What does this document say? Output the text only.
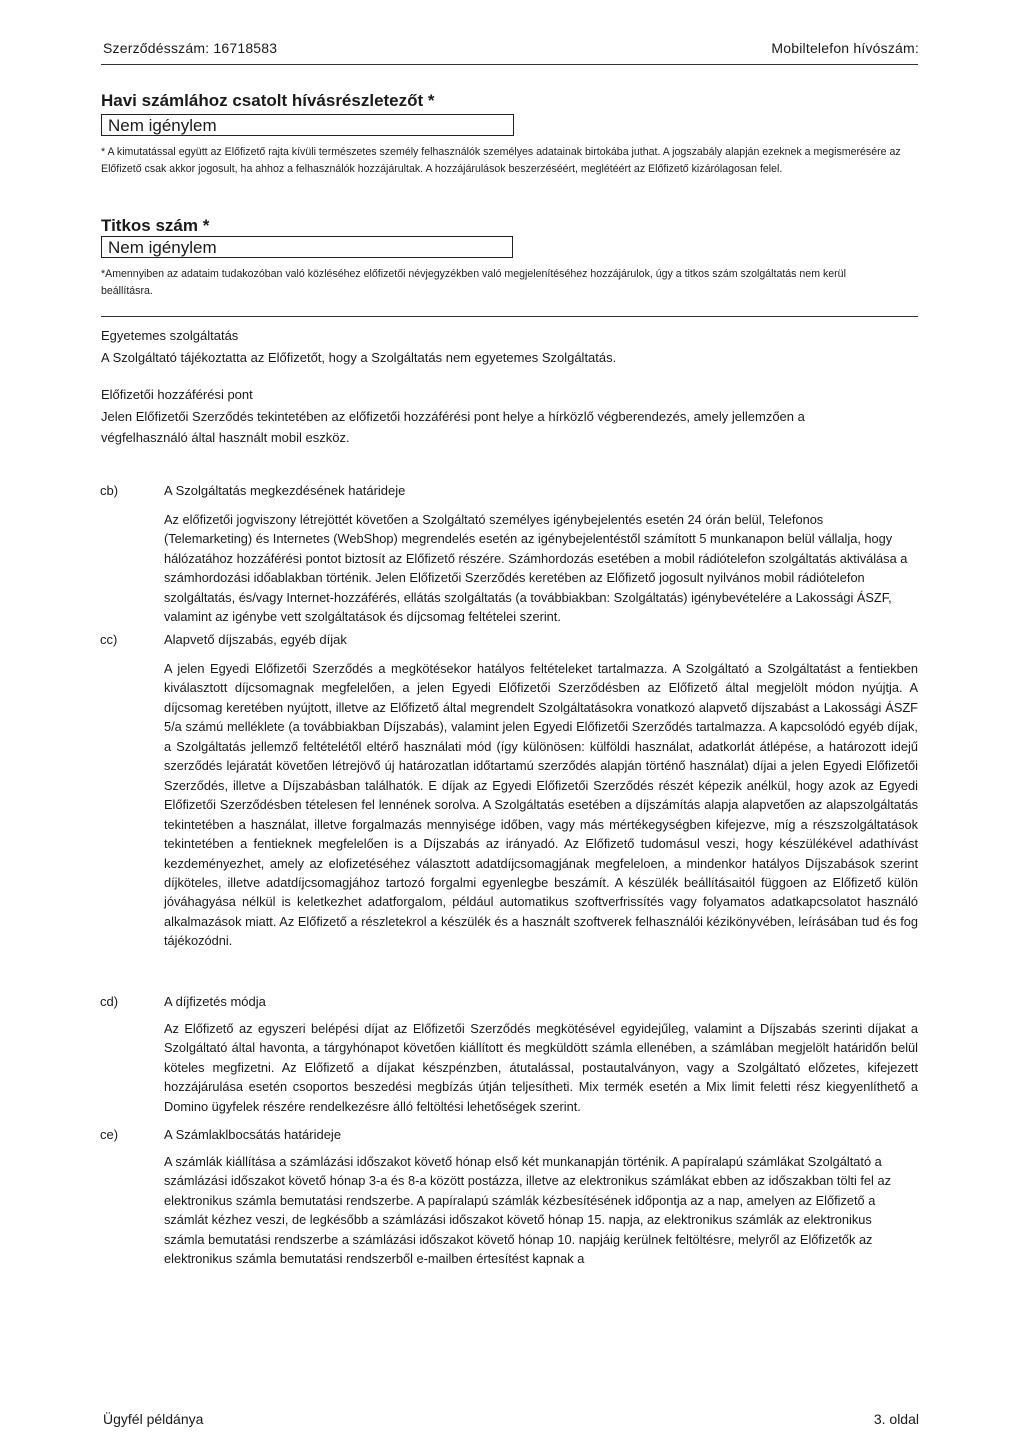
Szerződésszám: 16718583	Mobiltelefon hívószám:
Havi számlához csatolt hívásrészletezőt *
Nem igénylem
* A kimutatással együtt az Előfizető rajta kívüli természetes személy felhasználók személyes adatainak birtokába juthat. A jogszabály alapján ezeknek a megismerésére az Előfizető csak akkor jogosult, ha ahhoz a felhasználók hozzájárultak. A hozzájárulások beszerzéséért, meglétéért az Előfizető kizárólagosan felel.
Titkos szám *
Nem igénylem
*Amennyiben az adataim tudakozóban való közléséhez előfizetői névjegyzékben való megjelenítéséhez hozzájárulok, úgy a titkos szám szolgáltatás nem kerül beállításra.
Egyetemes szolgáltatás
A Szolgáltató tájékoztatta az Előfizetőt, hogy a Szolgáltatás nem egyetemes Szolgáltatás.
Előfizetői hozzáférési pont
Jelen Előfizetői Szerződés tekintetében az előfizetői hozzáférési pont helye a hírközlő végberendezés, amely jellemzően a végfelhasználó által használt mobil eszköz.
cb)	A Szolgáltatás megkezdésének határideje
Az előfizetői jogviszony létrejöttét követően a Szolgáltató személyes igénybejelentés esetén 24 órán belül, Telefonos (Telemarketing) és Internetes (WebShop) megrendelés esetén az igénybejelentéstől számított 5 munkanapon belül vállalja, hogy hálózatához hozzáférési pontot biztosít az Előfizető részére. Számhordozás esetében a mobil rádiótelefon szolgáltatás aktiválása a számhordozási időablakban történik. Jelen Előfizetői Szerződés keretében az Előfizető jogosult nyilvános mobil rádiótelefon szolgáltatás, és/vagy Internet-hozzáférés, ellátás szolgáltatás (a továbbiakban: Szolgáltatás) igénybevételére a Lakossági ÁSZF, valamint az igénybe vett szolgáltatások és díjcsomag feltételei szerint.
cc)	Alapvető díjszabás, egyéb díjak
A jelen Egyedi Előfizetői Szerződés a megkötésekor hatályos feltételeket tartalmazza. A Szolgáltató a Szolgáltatást a fentiekben kiválasztott díjcsomagnak megfelelően, a jelen Egyedi Előfizetői Szerződésben az Előfizető által megjelölt módon nyújtja. A díjcsomag keretében nyújtott, illetve az Előfizető által megrendelt Szolgáltatásokra vonatkozó alapvető díjszabást a Lakossági ÁSZF 5/a számú melléklete (a továbbiakban Díjszabás), valamint jelen Egyedi Előfizetői Szerződés tartalmazza. A kapcsolódó egyéb díjak, a Szolgáltatás jellemző feltételétől eltérő használati mód (így különösen: külföldi használat, adatkorlát átlépése, a határozott idejű szerződés lejáratát követően létrejövő új határozatlan időtartamú szerződés alapján történő használat) díjai a jelen Egyedi Előfizetői Szerződés, illetve a Díjszabásban találhatók. E díjak az Egyedi Előfizetői Szerződés részét képezik anélkül, hogy azok az Egyedi Előfizetői Szerződésben tételesen fel lennének sorolva. A Szolgáltatás esetében a díjszámítás alapja alapvetően az alapszolgáltatás tekintetében a használat, illetve forgalmazás mennyisége időben, vagy más mértékegységben kifejezve, míg a részszolgáltatások tekintetében a fentieknek megfelelően is a Díjszabás az irányadó. Az Előfizető tudomásul veszi, hogy készülékével adathívást kezdeményezhet, amely az elofizetéséhez választott adatdíjcsomagjának megfeleloen, a mindenkor hatályos Díjszabások szerint díjköteles, illetve adatdíjcsomagjához tartozó forgalmi egyenlegbe beszámít. A készülék beállításaitól függoen az Előfizető külön jóváhagyása nélkül is keletkezhet adatforgalom, például automatikus szoftverfrissítés vagy folyamatos adatkapcsolatot használó alkalmazások miatt. Az Előfizető a részletekrol a készülék és a használt szoftverek felhasználói kézikönyvében, leírásában tud és fog tájékozódni.
cd)	A díjfizetés módja
Az Előfizető az egyszeri belépési díjat az Előfizetői Szerződés megkötésével egyidejűleg, valamint a Díjszabás szerinti díjakat a Szolgáltató által havonta, a tárgyhónapot követően kiállított és megküldött számla ellenében, a számlában megjelölt határidőn belül köteles megfizetni. Az Előfizető a díjakat készpénzben, átutalással, postautalványon, vagy a Szolgáltató előzetes, kifejezett hozzájárulása esetén csoportos beszedési megbízás útján teljesítheti. Mix termék esetén a Mix limit feletti rész kiegyenlíthető a Domino ügyfelek részére rendelkezésre álló feltöltési lehetőségek szerint.
ce)	A Számlaklbocsátás határideje
A számlák kiállítása a számlázási időszakot követő hónap első két munkanapján történik. A papíralapú számlákat Szolgáltató a számlázási időszakot követő hónap 3-a és 8-a között postázza, illetve az elektronikus számlákat ebben az időszakban tölti fel az elektronikus számla bemutatási rendszerbe. A papíralapú számlák kézbesítésének időpontja az a nap, amelyen az Előfizető a számlát kézhez veszi, de legkésőbb a számlázási időszakot követő hónap 15. napja, az elektronikus számlák az elektronikus számla bemutatási rendszerbe a számlázási időszakot követő hónap 10. napjáig kerülnek feltöltésre, melyről az Előfizetők az elektronikus számla bemutatási rendszerből e-mailben értesítést kapnak a
Ügyfél példánya	3. oldal
